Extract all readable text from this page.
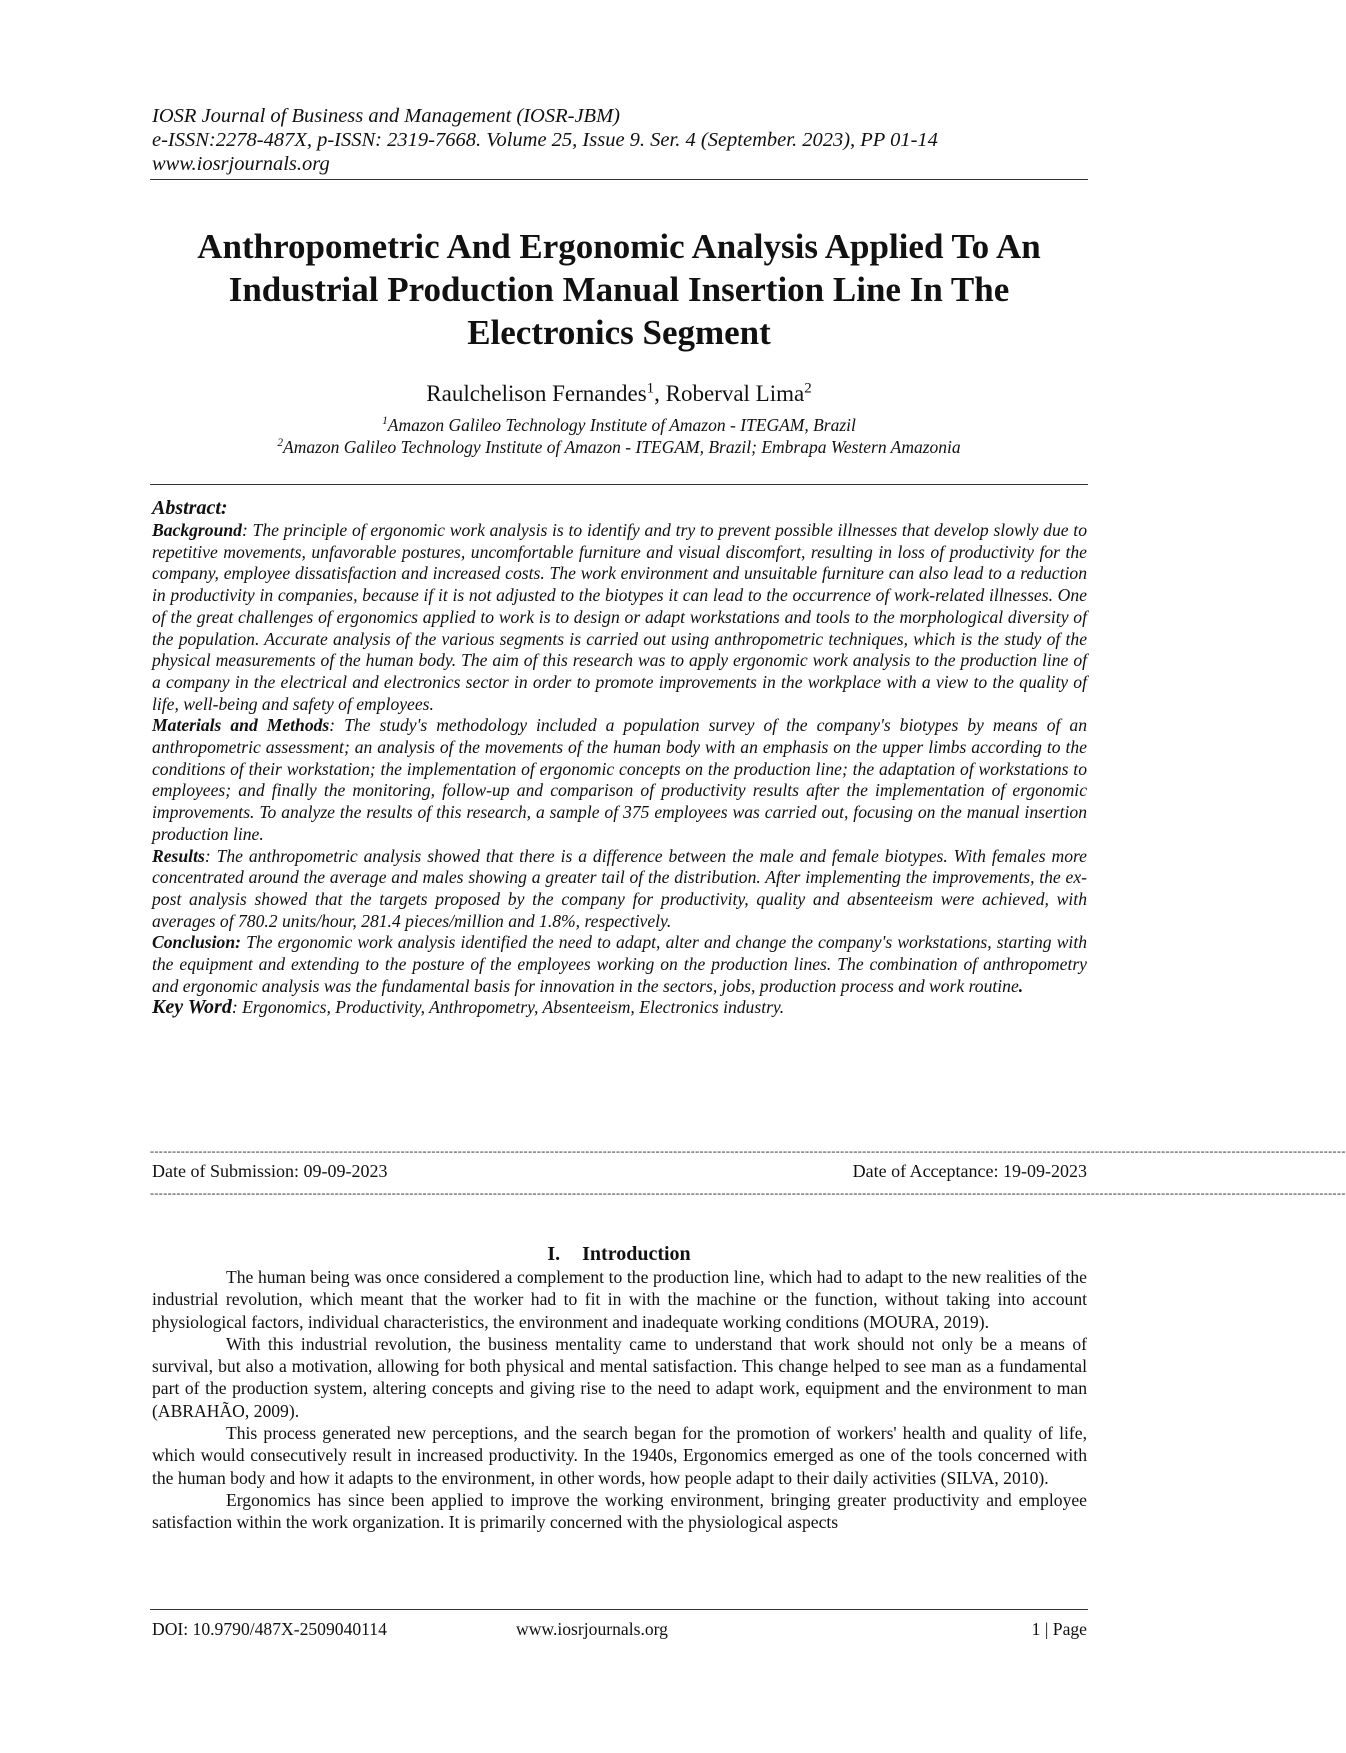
IOSR Journal of Business and Management (IOSR-JBM)
e-ISSN:2278-487X, p-ISSN: 2319-7668. Volume 25, Issue 9. Ser. 4 (September. 2023), PP 01-14
www.iosrjournals.org
Anthropometric And Ergonomic Analysis Applied To An Industrial Production Manual Insertion Line In The Electronics Segment
Raulchelison Fernandes$^1$, Roberval Lima$^2$
$^1$Amazon Galileo Technology Institute of Amazon - ITEGAM, Brazil
$^2$Amazon Galileo Technology Institute of Amazon - ITEGAM, Brazil; Embrapa Western Amazonia
Abstract:

Background: The principle of ergonomic work analysis is to identify and try to prevent possible illnesses that develop slowly due to repetitive movements, unfavorable postures, uncomfortable furniture and visual discomfort, resulting in loss of productivity for the company, employee dissatisfaction and increased costs. The work environment and unsuitable furniture can also lead to a reduction in productivity in companies, because if it is not adjusted to the biotypes it can lead to the occurrence of work-related illnesses. One of the great challenges of ergonomics applied to work is to design or adapt workstations and tools to the morphological diversity of the population. Accurate analysis of the various segments is carried out using anthropometric techniques, which is the study of the physical measurements of the human body. The aim of this research was to apply ergonomic work analysis to the production line of a company in the electrical and electronics sector in order to promote improvements in the workplace with a view to the quality of life, well-being and safety of employees.

Materials and Methods: The study's methodology included a population survey of the company's biotypes by means of an anthropometric assessment; an analysis of the movements of the human body with an emphasis on the upper limbs according to the conditions of their workstation; the implementation of ergonomic concepts on the production line; the adaptation of workstations to employees; and finally the monitoring, follow-up and comparison of productivity results after the implementation of ergonomic improvements. To analyze the results of this research, a sample of 375 employees was carried out, focusing on the manual insertion production line.

Results: The anthropometric analysis showed that there is a difference between the male and female biotypes. With females more concentrated around the average and males showing a greater tail of the distribution. After implementing the improvements, the ex-post analysis showed that the targets proposed by the company for productivity, quality and absenteeism were achieved, with averages of 780.2 units/hour, 281.4 pieces/million and 1.8%, respectively.

Conclusion: The ergonomic work analysis identified the need to adapt, alter and change the company's workstations, starting with the equipment and extending to the posture of the employees working on the production lines. The combination of anthropometry and ergonomic analysis was the fundamental basis for innovation in the sectors, jobs, production process and work routine.

Key Word: Ergonomics, Productivity, Anthropometry, Absenteeism, Electronics industry.

--------------------------------------------------------------------------------------------------------------------------------------------------------------------------------------------------------------------------------------------------------------------------------
Date of Submission: 09-09-2023	Date of Acceptance: 19-09-2023
--------------------------------------------------------------------------------------------------------------------------------------------------------------------------------------------------------------------------------------------------------------------------------
I. Introduction

The human being was once considered a complement to the production line, which had to adapt to the new realities of the industrial revolution, which meant that the worker had to fit in with the machine or the function, without taking into account physiological factors, individual characteristics, the environment and inadequate working conditions (MOURA, 2019).

With this industrial revolution, the business mentality came to understand that work should not only be a means of survival, but also a motivation, allowing for both physical and mental satisfaction. This change helped to see man as a fundamental part of the production system, altering concepts and giving rise to the need to adapt work, equipment and the environment to man (ABRAHÃO, 2009).

This process generated new perceptions, and the search began for the promotion of workers' health and quality of life, which would consecutively result in increased productivity. In the 1940s, Ergonomics emerged as one of the tools concerned with the human body and how it adapts to the environment, in other words, how people adapt to their daily activities (SILVA, 2010).

Ergonomics has since been applied to improve the working environment, bringing greater productivity and employee satisfaction within the work organization. It is primarily concerned with the physiological aspects

DOI: 10.9790/487X-2509040114	www.iosrjournals.org	1 | Page
